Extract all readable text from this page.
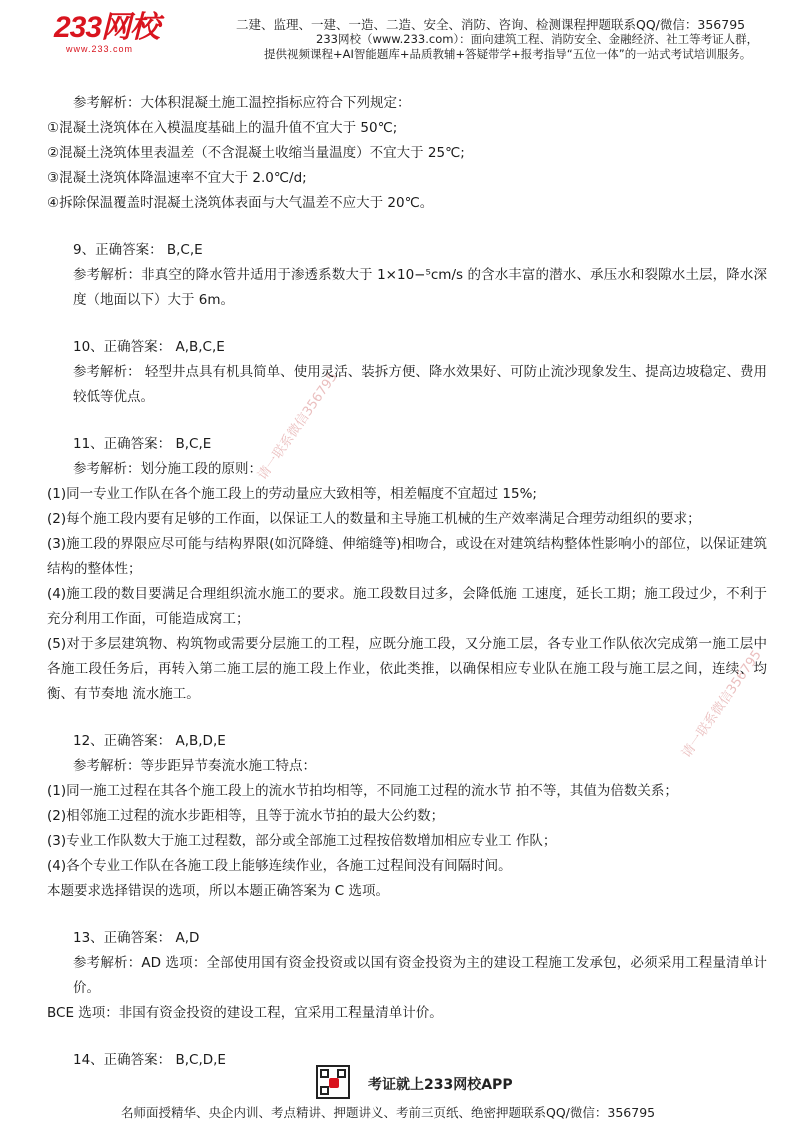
233网校
www.233.com
二建、监理、一建、一造、二造、安全、消防、咨询、检测课程押题联系QQ/微信：356795
233网校（www.233.com）：面向建筑工程、消防安全、金融经济、社工等考证人群，
提供视频课程+AI智能题库+品质教辅+答疑带学+报考指导“五位一体”的一站式考试培训服务。
请一联系微信356795
请一联系微信356795

参考解析：大体积混凝土施工温控指标应符合下列规定：

①混凝土浇筑体在入模温度基础上的温升值不宜大于 50℃;

②混凝土浇筑体里表温差（不含混凝土收缩当量温度）不宜大于 25℃;

③混凝土浇筑体降温速率不宜大于 2.0℃/d;

④拆除保温覆盖时混凝土浇筑体表面与大气温差不应大于 20℃。

9、正确答案： B,C,E

参考解析：非真空的降水管井适用于渗透系数大于 1×10−⁵cm/s 的含水丰富的潜水、承压水和裂隙水土层，降水深度（地面以下）大于 6m。

10、正确答案： A,B,C,E

参考解析： 轻型井点具有机具简单、使用灵活、装拆方便、降水效果好、可防止流沙现象发生、提高边坡稳定、费用较低等优点。

11、正确答案： B,C,E

参考解析：划分施工段的原则：

(1)同一专业工作队在各个施工段上的劳动量应大致相等，相差幅度不宜超过 15%;

(2)每个施工段内要有足够的工作面，以保证工人的数量和主导施工机械的生产效率满足合理劳动组织的要求；

(3)施工段的界限应尽可能与结构界限(如沉降缝、伸缩缝等)相吻合，或设在对建筑结构整体性影响小的部位，以保证建筑结构的整体性；

(4)施工段的数目要满足合理组织流水施工的要求。施工段数目过多，会降低施 工速度，延长工期；施工段过少，不利于充分利用工作面，可能造成窝工；

(5)对于多层建筑物、构筑物或需要分层施工的工程，应既分施工段，又分施工层，各专业工作队依次完成第一施工层中各施工段任务后，再转入第二施工层的施工段上作业，依此类推，以确保相应专业队在施工段与施工层之间，连续、均衡、有节奏地 流水施工。

12、正确答案： A,B,D,E

参考解析：等步距异节奏流水施工特点：

(1)同一施工过程在其各个施工段上的流水节拍均相等，不同施工过程的流水节 拍不等，其值为倍数关系；

(2)相邻施工过程的流水步距相等，且等于流水节拍的最大公约数；

(3)专业工作队数大于施工过程数，部分或全部施工过程按倍数增加相应专业工 作队；

(4)各个专业工作队在各施工段上能够连续作业，各施工过程间没有间隔时间。

本题要求选择错误的选项，所以本题正确答案为 C 选项。

13、正确答案： A,D

参考解析：AD 选项：全部使用国有资金投资或以国有资金投资为主的建设工程施工发承包，必须采用工程量清单计价。

BCE 选项：非国有资金投资的建设工程，宜采用工程量清单计价。

14、正确答案： B,C,D,E

考证就上233网校APP
名师面授精华、央企内训、考点精讲、押题讲义、考前三页纸、绝密押题联系QQ/微信：356795
